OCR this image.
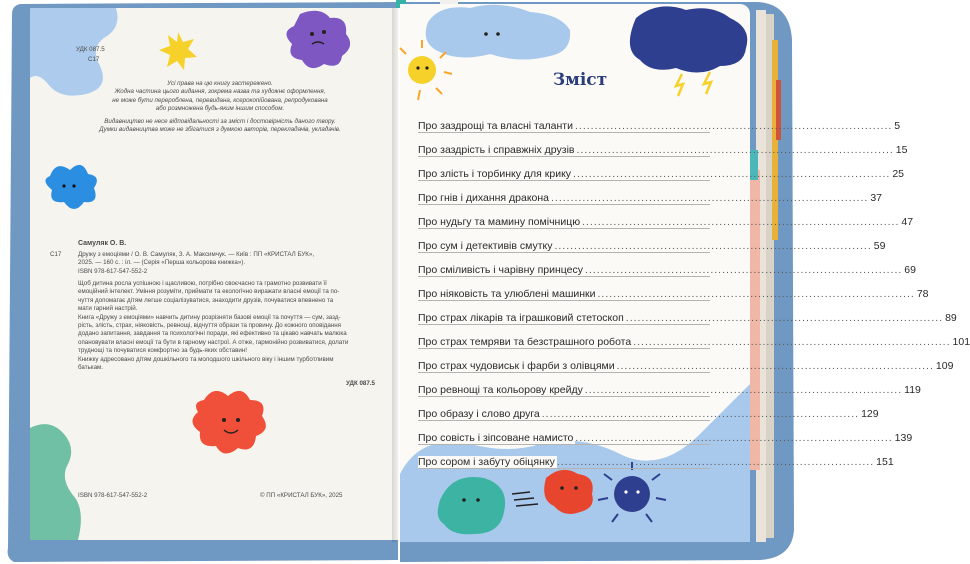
УДК 087.5
С17
Усі права на цю книгу застережено.
Жодна частина цього видання, зокрема назва та художнє оформлення,
не може бути перероблена, перевидана, ксерокопійована, репродукована
або розмножена будь-яким іншим способом.
Видавництво не несе відповідальності за зміст і достовірність даного твору.
Думки видавництва може не збігатися з думкою авторів, перекладачів, укладачів.
Самуляк О. В.
С17	Дружу з емоціями / О. В. Самуляк, З. А. Максимчук. — Київ : ПП «КРИСТАЛ БУК»,
2025. — 160 с. : іл. — (Серія «Перша кольорова книжка»).
ISBN 978-617-547-552-2
Щоб дитина росла успішною і щасливою, потрібно своєчасно та грамотно розвивати її
емоційний інтелект. Уміння розуміти, приймати та екологічно виражати власні емоції та по-
чуття допомагає дітям легше соціалізуватися, знаходити друзів, почуватися впевнено та
мати гарний настрій.
Книга «Дружу з емоціями» навчить дитину розрізняти базові емоції та почуття — сум, зазд-
рість, злість, страх, ніяковість, ревнощі, відчуття образи та провину. До кожного оповідання
додано запитання, завдання та психологічні поради, які ефективно та цікаво навчать малюка
опановувати власні емоції та бути в гарному настрої. А отже, гармонійно розвиватися, долати
труднощі та почуватися комфортно за будь-яких обставин!
Книжку адресовано дітям дошкільного та молодшого шкільного віку і іншим турботливим
батькам.
УДК 087.5
ISBN 978-617-547-552-2	© ПП «КРИСТАЛ БУК», 2025
Зміст
Про заздрощі та власні таланти ................................................................................. 5
Про заздрість і справжніх друзів ................................................................................. 15
Про злість і торбинку для крику ................................................................................. 25
Про гнів і дихання дракона ................................................................................. 37
Про нудьгу та мамину помічницю ................................................................................. 47
Про сум і детективів смутку ................................................................................. 59
Про сміливість і чарівну принцесу ................................................................................. 69
Про ніяковість та улюблені машинки ................................................................................. 78
Про страх лікарів та іграшковий стетоскоп ................................................................................. 89
Про страх темряви та безстрашного робота ................................................................................. 101
Про страх чудовиськ і фарби з олівцями ................................................................................. 109
Про ревнощі та кольорову крейду ................................................................................. 119
Про образу і слово друга ................................................................................. 129
Про совість і зіпсоване намисто ................................................................................. 139
Про сором і забуту обіцянку ................................................................................. 151
